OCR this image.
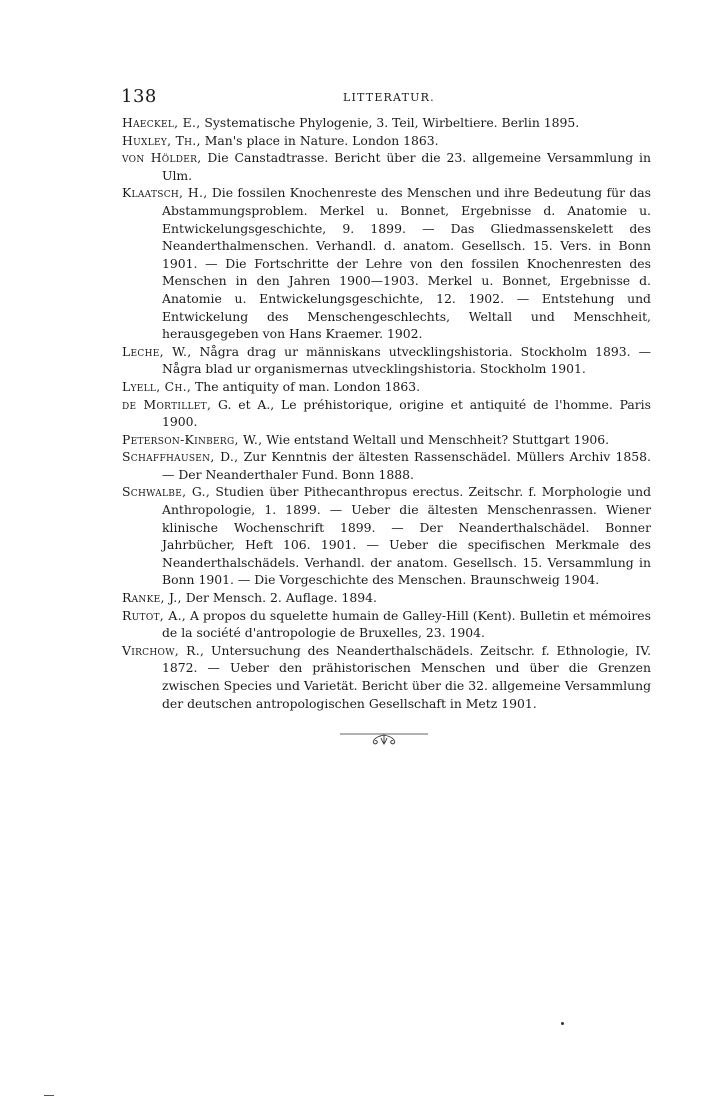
138	LITTERATUR.

Haeckel, E., Systematische Phylogenie, 3. Teil, Wirbeltiere. Berlin 1895.

Huxley, Th., Man's place in Nature. London 1863.

von Hölder, Die Canstadtrasse. Bericht über die 23. allgemeine Versammlung in Ulm.

Klaatsch, H., Die fossilen Knochenreste des Menschen und ihre Bedeutung für das Abstammungsproblem. Merkel u. Bonnet, Ergebnisse d. Anatomie u. Entwickelungsgeschichte, 9. 1899. — Das Gliedmassenskelett des Neanderthalmenschen. Verhandl. d. anatom. Gesellsch. 15. Vers. in Bonn 1901. — Die Fortschritte der Lehre von den fossilen Knochenresten des Menschen in den Jahren 1900—1903. Merkel u. Bonnet, Ergebnisse d. Anatomie u. Entwickelungsgeschichte, 12. 1902. — Entstehung und Entwickelung des Menschengeschlechts, Weltall und Menschheit, herausgegeben von Hans Kraemer. 1902.

Leche, W., Några drag ur människans utvecklingshistoria. Stockholm 1893. — Några blad ur organismernas utvecklingshistoria. Stockholm 1901.

Lyell, Ch., The antiquity of man. London 1863.

de Mortillet, G. et A., Le préhistorique, origine et antiquité de l'homme. Paris 1900.

Peterson-Kinberg, W., Wie entstand Weltall und Menschheit? Stuttgart 1906.

Schaffhausen, D., Zur Kenntnis der ältesten Rassenschädel. Müllers Archiv 1858. — Der Neanderthaler Fund. Bonn 1888.

Schwalbe, G., Studien über Pithecanthropus erectus. Zeitschr. f. Morphologie und Anthropologie, 1. 1899. — Ueber die ältesten Menschenrassen. Wiener klinische Wochenschrift 1899. — Der Neanderthalschädel. Bonner Jahrbücher, Heft 106. 1901. — Ueber die specifischen Merkmale des Neanderthalschädels. Verhandl. der anatom. Gesellsch. 15. Versammlung in Bonn 1901. — Die Vorgeschichte des Menschen. Braunschweig 1904.

Ranke, J., Der Mensch. 2. Auflage. 1894.

Rutot, A., A propos du squelette humain de Galley-Hill (Kent). Bulletin et mémoires de la société d'antropologie de Bruxelles, 23. 1904.

Virchow, R., Untersuchung des Neanderthalschädels. Zeitschr. f. Ethnologie, IV. 1872. — Ueber den prähistorischen Menschen und über die Grenzen zwischen Species und Varietät. Bericht über die 32. allgemeine Versammlung der deutschen antropologischen Gesellschaft in Metz 1901.
